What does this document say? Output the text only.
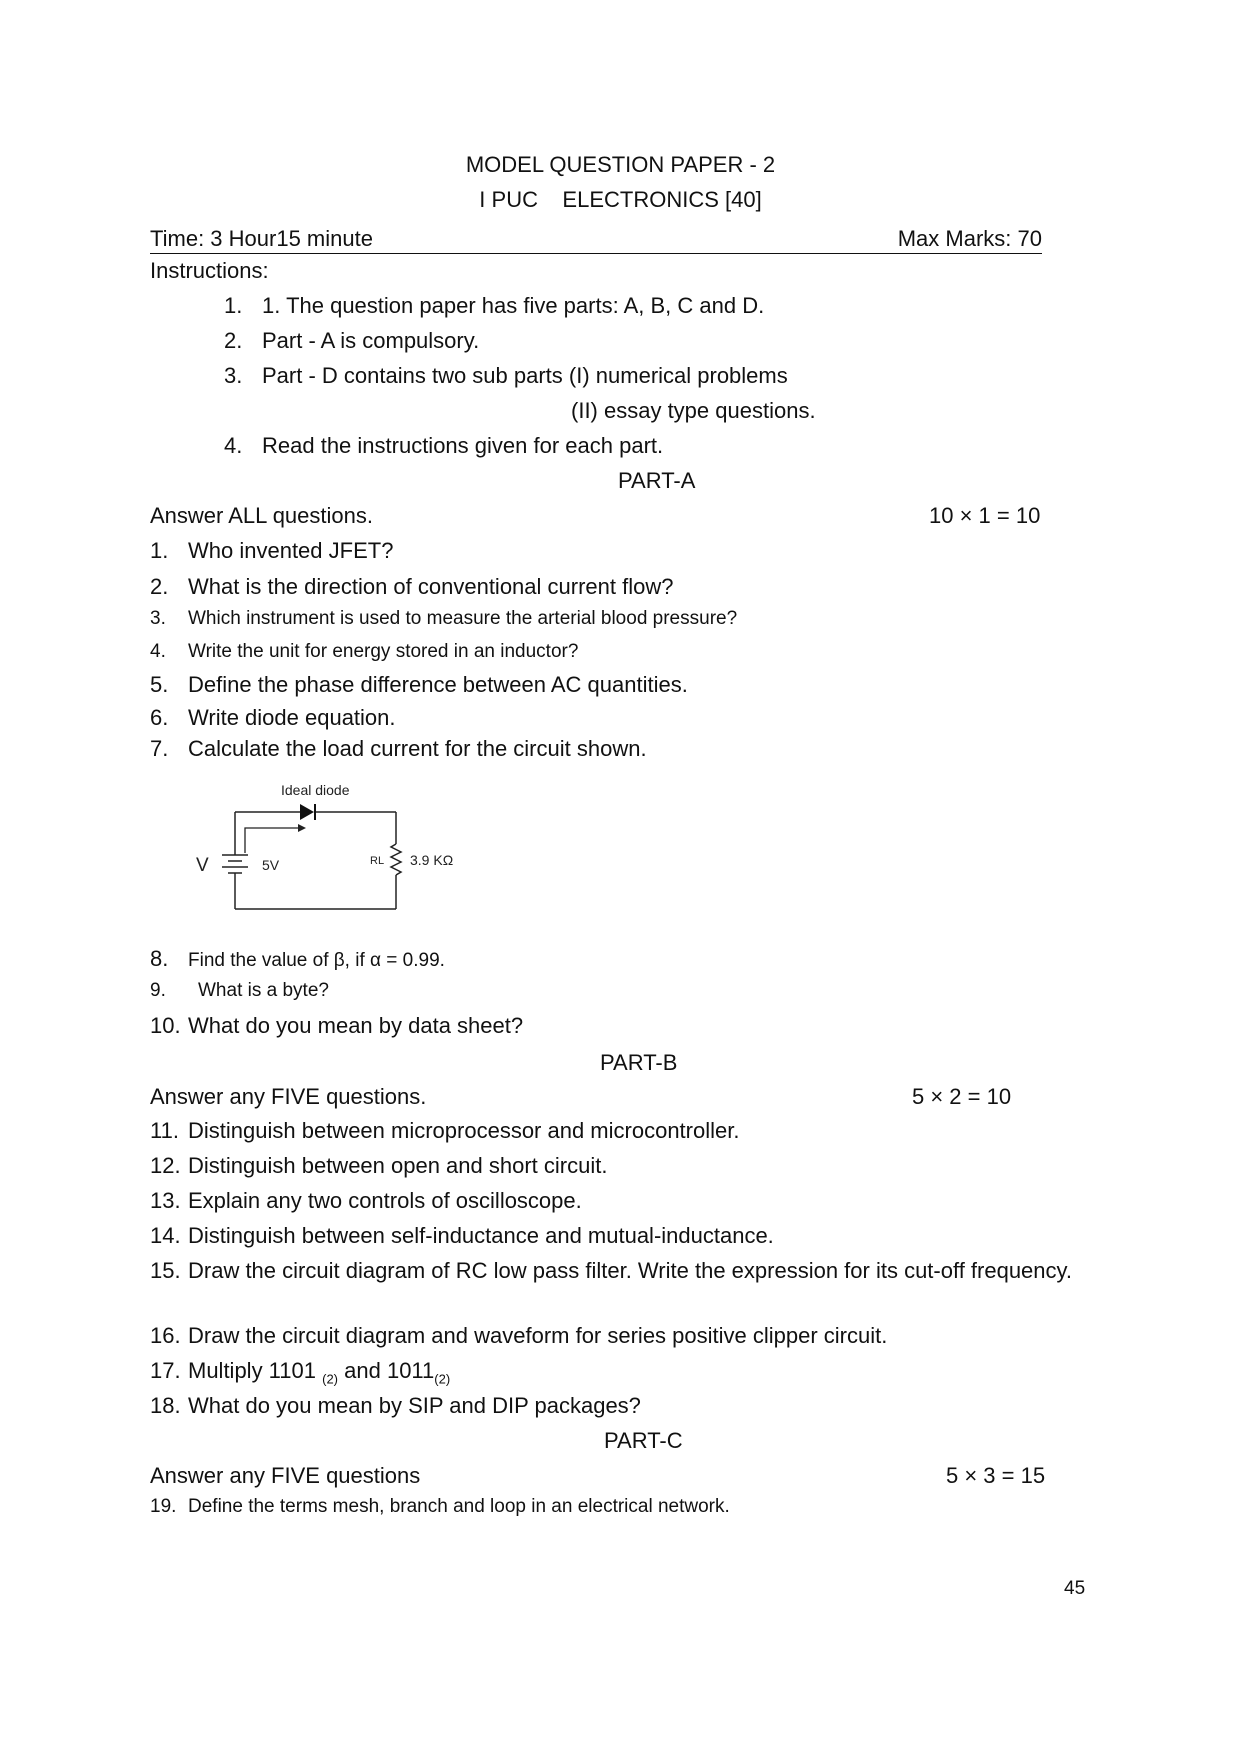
MODEL QUESTION PAPER - 2
I PUC    ELECTRONICS [40]
Time: 3 Hour15 minute	Max Marks: 70
Instructions:
1. 1. The question paper has five parts: A, B, C and D.
2. Part - A is compulsory.
3. Part - D contains two sub parts (I) numerical problems
(II) essay type questions.
4. Read the instructions given for each part.
PART-A
Answer ALL questions.	10 × 1 = 10
1. Who invented JFET?
2. What is the direction of conventional current flow?
3. Which instrument is used to measure the arterial blood pressure?
4. Write the unit for energy stored in an inductor?
5. Define the phase difference between AC quantities.
6. Write diode equation.
7. Calculate the load current for the circuit shown.
Ideal diode
V	5V	RL 3.9 KΩ
8. Find the value of β, if α = 0.99.
9. What is a byte?
10. What do you mean by data sheet?
PART-B
Answer any FIVE questions.	5 × 2 = 10
11. Distinguish between microprocessor and microcontroller.
12. Distinguish between open and short circuit.
13. Explain any two controls of oscilloscope.
14. Distinguish between self-inductance and mutual-inductance.
15. Draw the circuit diagram of RC low pass filter. Write the expression for its cut-off frequency.
16. Draw the circuit diagram and waveform for series positive clipper circuit.
17. Multiply 1101 $_{(2)}$ and $1011_{(2)}$
18. What do you mean by SIP and DIP packages?
PART-C
Answer any FIVE questions	5 × 3 = 15
19. Define the terms mesh, branch and loop in an electrical network.
45
